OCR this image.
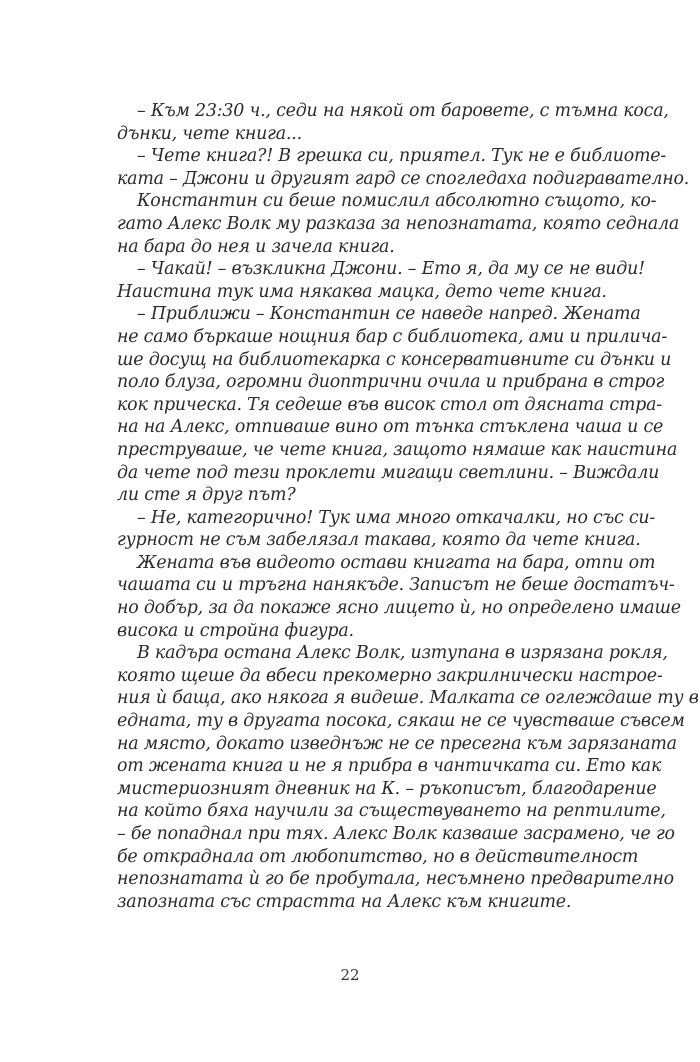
– Към 23:30 ч., седи на някой от баровете, с тъмна коса,
дънки, чете книга...
– Чете книга?! В грешка си, приятел. Тук не е библиоте-
ката – Джони и другият гард се спогледаха подигравателно.
Константин си беше помислил абсолютно същото, ко-
гато Алекс Волк му разказа за непознатата, която седнала
на бара до нея и зачела книга.
– Чакай! – възкликна Джони. – Ето я, да му се не види!
Наистина тук има някаква мацка, дето чете книга.
– Приближи – Константин се наведе напред. Жената
не само бъркаше нощния бар с библиотека, ами и прилича-
ше досущ на библиотекарка с консервативните си дънки и
поло блуза, огромни диоптрични очила и прибрана в строг
кок прическа. Тя седеше във висок стол от дясната стра-
на на Алекс, отпиваше вино от тънка стъклена чаша и се
преструваше, че чете книга, защото нямаше как наистина
да чете под тези проклети мигащи светлини. – Виждали
ли сте я друг път?
– Не, категорично! Тук има много откачалки, но със си-
гурност не съм забелязал такава, която да чете книга.
Жената във видеото остави книгата на бара, отпи от
чашата си и тръгна нанякъде. Записът не беше достатъч-
но добър, за да покаже ясно лицето ѝ, но определено имаше
висока и стройна фигура.
В кадъра остана Алекс Волк, изтупана в изрязана рокля,
която щеше да вбеси прекомерно закрилнически настрое-
ния ѝ баща, ако някога я видеше. Малката се оглеждаше ту в
едната, ту в другата посока, сякаш не се чувстваше съвсем
на място, докато изведнъж не се пресегна към зарязаната
от жената книга и не я прибра в чантичката си. Ето как
мистериозният дневник на К. – ръкописът, благодарение
на който бяха научили за съществуването на рептилите,
– бе попаднал при тях. Алекс Волк казваше засрамено, че го
бе откраднала от любопитство, но в действителност
непознатата ѝ го бе пробутала, несъмнено предварително
запозната със страстта на Алекс към книгите.
22
